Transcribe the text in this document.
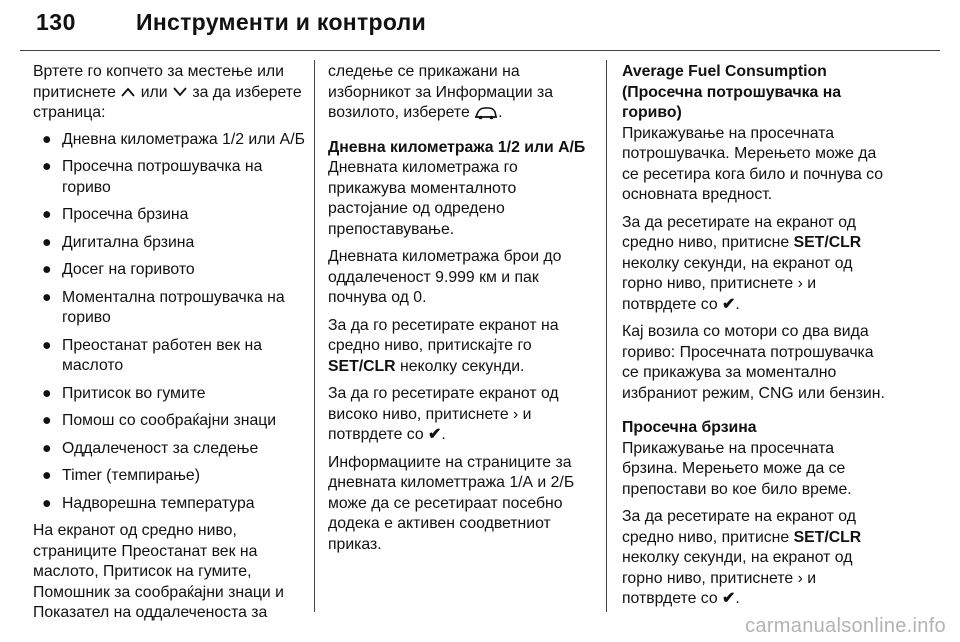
130	Инструменти и контроли

Вртете го копчето за местење или притиснете или за да изберете страница:

● Дневна километража 1/2 или А/Б
● Просечна потрошувачка на гориво
● Просечна брзина
● Дигитална брзина
● Досег на горивото
● Моментална потрошувачка на гориво
● Преостанат работен век на маслото
● Притисок во гумите
● Помош со сообраќајни знаци
● Оддалеченост за следење
● Timer (темпирање)
● Надворешна температура

На екранот од средно ниво, страниците Преостанат век на маслото, Притисок на гумите, Помошник за сообраќајни знаци и Показател на оддалеченоста за

следење се прикажани на изборникот за Информации за возилото, изберете .

Дневна километража 1/2 или А/Б

Дневната километража го прикажува моменталното растојание од одредено препоставување.

Дневната километража брои до оддалеченост 9.999 км и пак почнува од 0.

За да го ресетирате екранот на средно ниво, притискајте го SET/CLR неколку секунди.

За да го ресетирате екранот од високо ниво, притиснете › и потврдете со ✔.

Информациите на страниците за дневната километтража 1/А и 2/Б може да се ресетираат посебно додека е активен соодветниот приказ.

Average Fuel Consumption

(Просечна потрошувачка на гориво)

Прикажување на просечната потрошувачка. Мерењето може да се ресетира кога било и почнува со основната вредност.

За да ресетирате на екранот од средно ниво, притисне SET/CLR неколку секунди, на екранот од горно ниво, притиснете › и потврдете со ✔.

Кај возила со мотори со два вида гориво: Просечната потрошувачка се прикажува за моментално избраниот режим, CNG или бензин.

Просечна брзина

Прикажување на просечната брзина. Мерењето може да се препостави во кое било време.

За да ресетирате на екранот од средно ниво, притисне SET/CLR неколку секунди, на екранот од горно ниво, притиснете › и потврдете со ✔.

carmanualsonline.info
